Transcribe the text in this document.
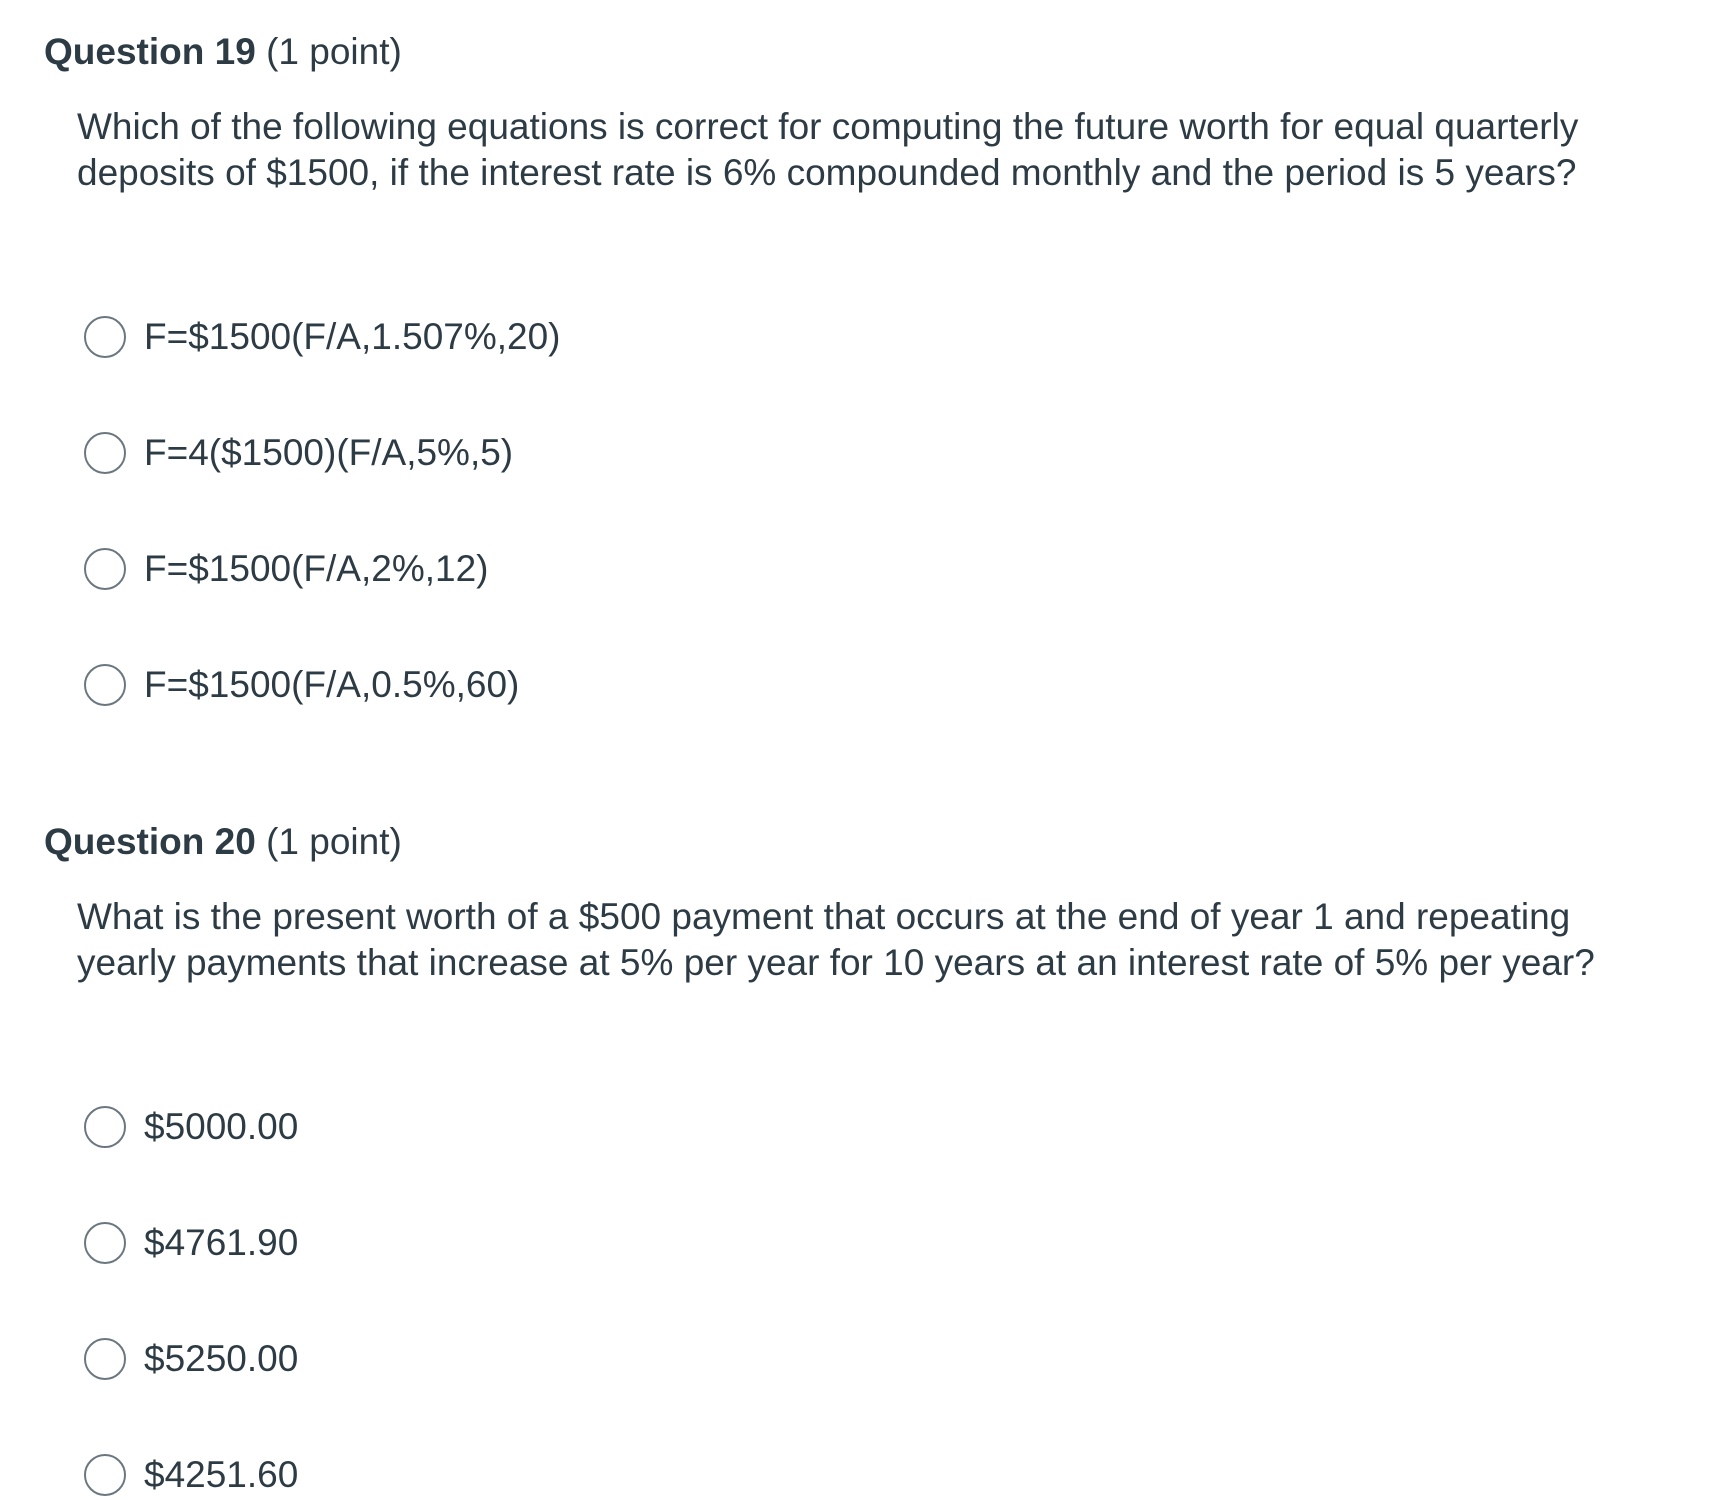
Question 19 (1 point)
Which of the following equations is correct for computing the future worth for equal quarterly deposits of $1500, if the interest rate is 6% compounded monthly and the period is 5 years?
F=$1500(F/A,1.507%,20)
F=4($1500)(F/A,5%,5)
F=$1500(F/A,2%,12)
F=$1500(F/A,0.5%,60)
Question 20 (1 point)
What is the present worth of a $500 payment that occurs at the end of year 1 and repeating yearly payments that increase at 5% per year for 10 years at an interest rate of 5% per year?
$5000.00
$4761.90
$5250.00
$4251.60
